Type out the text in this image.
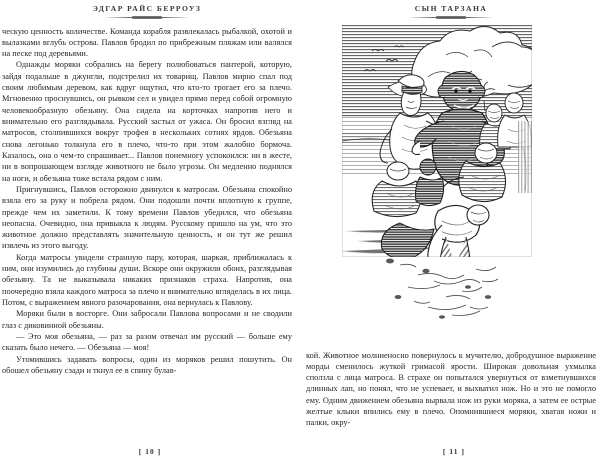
ЭДГАР РАЙС БЕРРОУЗ

ческую ценность количестве. Команда корабля развлекалась рыбалкой, охотой и вылазками вглубь острова. Павлов бродил по прибрежным пляжам или валялся на песке под деревьями.

Однажды моряки собрались на берегу полюбоваться пантерой, которую, зайдя подальше в джунгли, подстрелил их товарищ. Павлов мирно спал под своим любимым деревом, как вдруг ощутил, что кто-то трогает его за плечо. Мгновенно проснувшись, он рывком сел и увидел прямо перед собой огромную человекообразную обезьяну. Она сидела на корточках напротив него и внимательно его разглядывала. Русский застыл от ужаса. Он бросил взгляд на матросов, столпившихся вокруг трофея в нескольких сотнях ярдов. Обезьяна снова легонько толкнула его в плечо, что-то при этом жалобно бормоча. Казалось, она о чем-то спрашивает... Павлов понемногу успокоился: ни в жесте, ни в вопрошающем взгляде животного не было угрозы. Он медленно поднялся на ноги, и обезьяна тоже встала рядом с ним.

Пригнувшись, Павлов осторожно двинулся к матросам. Обезьяна спокойно взяла его за руку и побрела рядом. Они подошли почти вплотную к группе, прежде чем их заметили. К тому времени Павлов убедился, что обезьяна неопасна. Очевидно, она привыкла к людям. Русскому пришло на ум, что это животное должно представлять значительную ценность, и он тут же решил извлечь из этого выгоду.

Когда матросы увидели странную пару, которая, шаркая, приближалась к ним, они изумились до глубины души. Вскоре они окружили обоих, разглядывая обезьяну. Та не выказывала никаких признаков страха. Напротив, она поочередно взяла каждого матроса за плечо и внимательно вгляделась в их лица. Потом, с выражением явного разочарования, она вернулась к Павлову.

Моряки были в восторге. Они забросали Павлова вопросами и не сводили глаз с диковинной обезьяны.

— Это моя обезьяна, — раз за разом отвечал им русский — больше ему сказать было нечего. — Обезьяна — моя!

Утомившись задавать вопросы, один из моряков решил пошутить. Он обошел обезьяну сзади и ткнул ее в спину булав-

[ 10 ]
СЫН ТАРЗАНА

кой. Животное молниеносно повернулось к мучителю, добродушное выражение морды сменилось жуткой гримасой ярости. Широкая довольная ухмылка сползла с лица матроса. В страхе он попытался увернуться от взметнувшихся длинных лап, но понял, что не успевает, и выхватил нож. Но и это не помогло ему. Одним движением обезьяна вырвала нож из руки моряка, а затем ее острые желтые клыки впились ему в плечо. Опомнившиеся моряки, хватая ножи и палки, окру-

[ 11 ]
